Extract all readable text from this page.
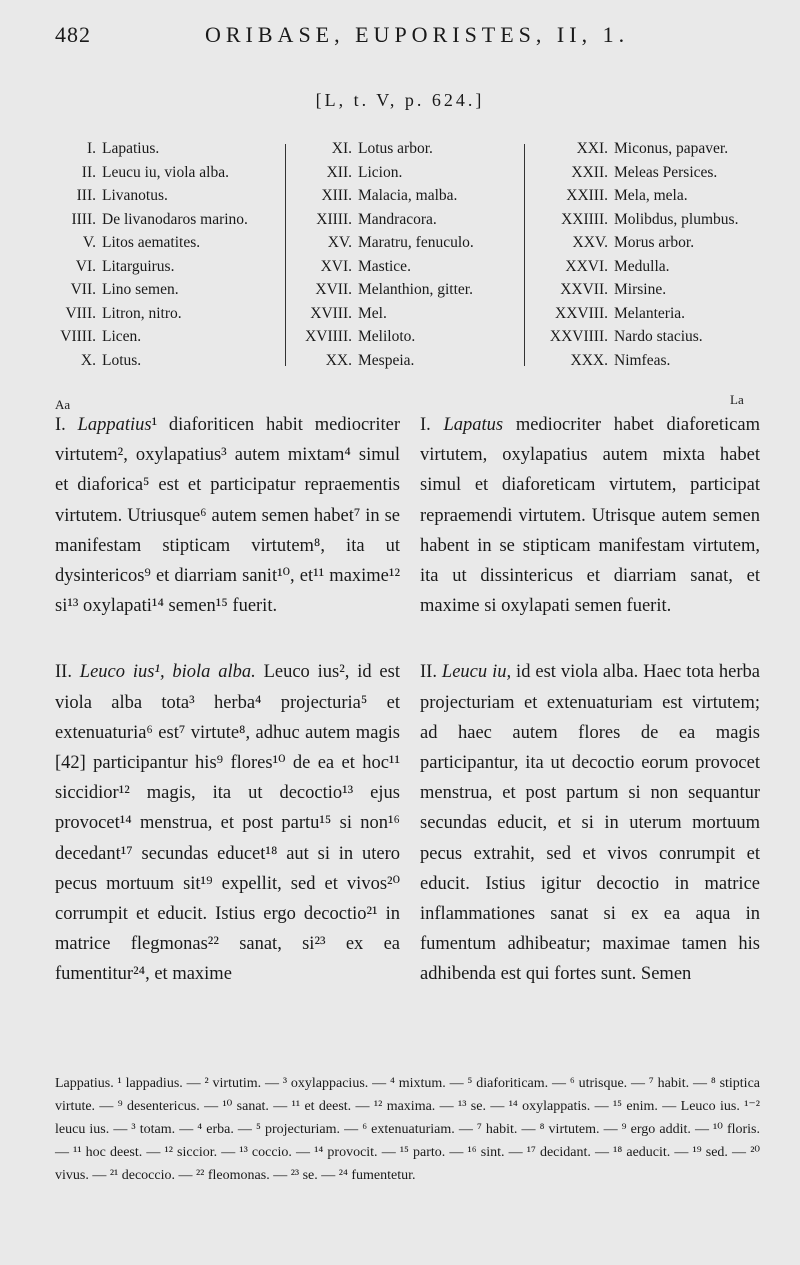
482	ORIBASE, EUPORISTES, II, 1.
[L, t. V, p. 624.]
I. Lapatius.
II. Leucu iu, viola alba.
III. Livanotus.
IIII. De livanodaros marino.
V. Litos aematites.
VI. Litarguirus.
VII. Lino semen.
VIII. Litron, nitro.
VIIII. Licen.
X. Lotus.
XI. Lotus arbor.
XII. Licion.
XIII. Malacia, malba.
XIIII. Mandracora.
XV. Maratru, fenuculo.
XVI. Mastice.
XVII. Melanthion, gitter.
XVIII. Mel.
XVIIII. Meliloto.
XX. Mespeia.
XXI. Miconus, papaver.
XXII. Meleas Persices.
XXIII. Mela, mela.
XXIIII. Molibdus, plumbus.
XXV. Morus arbor.
XXVI. Medulla.
XXVII. Mirsine.
XXVIII. Melanteria.
XXVIIII. Nardo stacius.
XXX. Nimfeas.
Aa	La

I. Lappatius¹ diaforiticen habit mediocriter virtutem², oxylapatius³ autem mixtam⁴ simul et diaforica⁵ est et participatur repraementis virtutem. Utriusque⁶ autem semen habet⁷ in se manifestam stipticam virtutem⁸, ita ut dysintericos⁹ et diarriam sanit¹⁰, et¹¹ maxime¹² si¹³ oxylapati¹⁴ semen¹⁵ fuerit.

II. Leuco ius¹, biola alba. Leuco ius², id est viola alba tota³ herba⁴ projecturia⁵ et extenuaturia⁶ est⁷ virtute⁸, adhuc autem magis [42] participantur his⁹ flores¹⁰ de ea et hoc¹¹ siccidior¹² magis, ita ut decoctio¹³ ejus provocet¹⁴ menstrua, et post partu¹⁵ si non¹⁶ decedant¹⁷ secundas educet¹⁸ aut si in utero pecus mortuum sit¹⁹ expellit, sed et vivos²⁰ corrumpit et educit. Istius ergo decoctio²¹ in matrice flegmonas²² sanat, si²³ ex ea fumentitur²⁴, et maxime

I. Lapatus mediocriter habet diaforeticam virtutem, oxylapatius autem mixta habet simul et diaforeticam virtutem, participat repraemendi virtutem. Utrisque autem semen habent in se stipticam manifestam virtutem, ita ut dissintericus et diarriam sanat, et maxime si oxylapati semen fuerit.

II. Leucu iu, id est viola alba. Haec tota herba projecturiam et extenuaturiam est virtutem; ad haec autem flores de ea magis participantur, ita ut decoctio eorum provocet menstrua, et post partum si non sequantur secundas educit, et si in uterum mortuum pecus extrahit, sed et vivos conrumpit et educit. Istius igitur decoctio in matrice inflammationes sanat si ex ea aqua in fumentum adhibeatur; maximae tamen his adhibenda est qui fortes sunt. Semen

Lappatius. ¹ lappadius. — ² virtutim. — ³ oxylappacius. — ⁴ mixtum. — ⁵ diaforiticam. — ⁶ utrisque. — ⁷ habit. — ⁸ stiptica virtute. — ⁹ desentericus. — ¹⁰ sanat. — ¹¹ et deest. — ¹² maxima. — ¹³ se. — ¹⁴ oxylappatis. — ¹⁵ enim. — Leuco ius. ¹⁻² leucu ius. — ³ totam. — ⁴ erba. — ⁵ projecturiam. — ⁶ extenuaturiam. — ⁷ habit. — ⁸ virtutem. — ⁹ ergo addit. — ¹⁰ floris. — ¹¹ hoc deest. — ¹² siccior. — ¹³ coccio. — ¹⁴ provocit. — ¹⁵ parto. — ¹⁶ sint. — ¹⁷ decidant. — ¹⁸ aeducit. — ¹⁹ sed. — ²⁰ vivus. — ²¹ decoccio. — ²² fleomonas. — ²³ se. — ²⁴ fumentetur.
